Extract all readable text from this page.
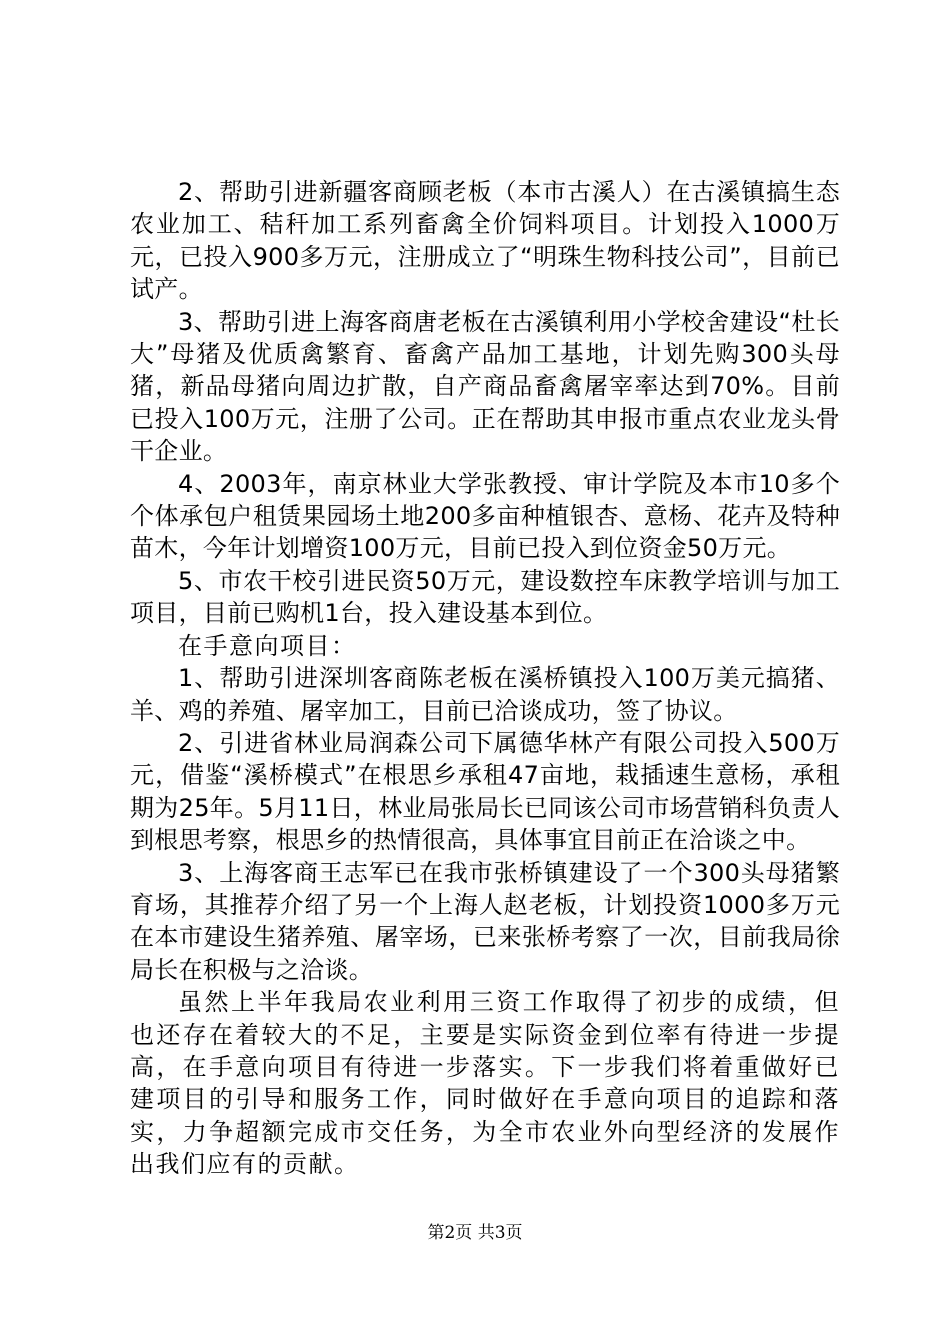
2、帮助引进新疆客商顾老板（本市古溪人）在古溪镇搞生态农业加工、秸秆加工系列畜禽全价饲料项目。计划投入1000万元，已投入900多万元，注册成立了“明珠生物科技公司”，目前已试产。

3、帮助引进上海客商唐老板在古溪镇利用小学校舍建设“杜长大”母猪及优质禽繁育、畜禽产品加工基地，计划先购300头母猪，新品母猪向周边扩散，自产商品畜禽屠宰率达到70%。目前已投入100万元，注册了公司。正在帮助其申报市重点农业龙头骨干企业。

4、2003年，南京林业大学张教授、审计学院及本市10多个个体承包户租赁果园场土地200多亩种植银杏、意杨、花卉及特种苗木，今年计划增资100万元，目前已投入到位资金50万元。

5、市农干校引进民资50万元，建设数控车床教学培训与加工项目，目前已购机1台，投入建设基本到位。

在手意向项目：

1、帮助引进深圳客商陈老板在溪桥镇投入100万美元搞猪、羊、鸡的养殖、屠宰加工，目前已洽谈成功，签了协议。

2、引进省林业局润森公司下属德华林产有限公司投入500万元，借鉴“溪桥模式”在根思乡承租47亩地，栽插速生意杨，承租期为25年。5月11日，林业局张局长已同该公司市场营销科负责人到根思考察，根思乡的热情很高，具体事宜目前正在洽谈之中。

3、上海客商王志军已在我市张桥镇建设了一个300头母猪繁育场，其推荐介绍了另一个上海人赵老板，计划投资1000多万元在本市建设生猪养殖、屠宰场，已来张桥考察了一次，目前我局徐局长在积极与之洽谈。

虽然上半年我局农业利用三资工作取得了初步的成绩，但也还存在着较大的不足，主要是实际资金到位率有待进一步提高，在手意向项目有待进一步落实。下一步我们将着重做好已建项目的引导和服务工作，同时做好在手意向项目的追踪和落实，力争超额完成市交任务，为全市农业外向型经济的发展作出我们应有的贡献。

第2页 共3页
